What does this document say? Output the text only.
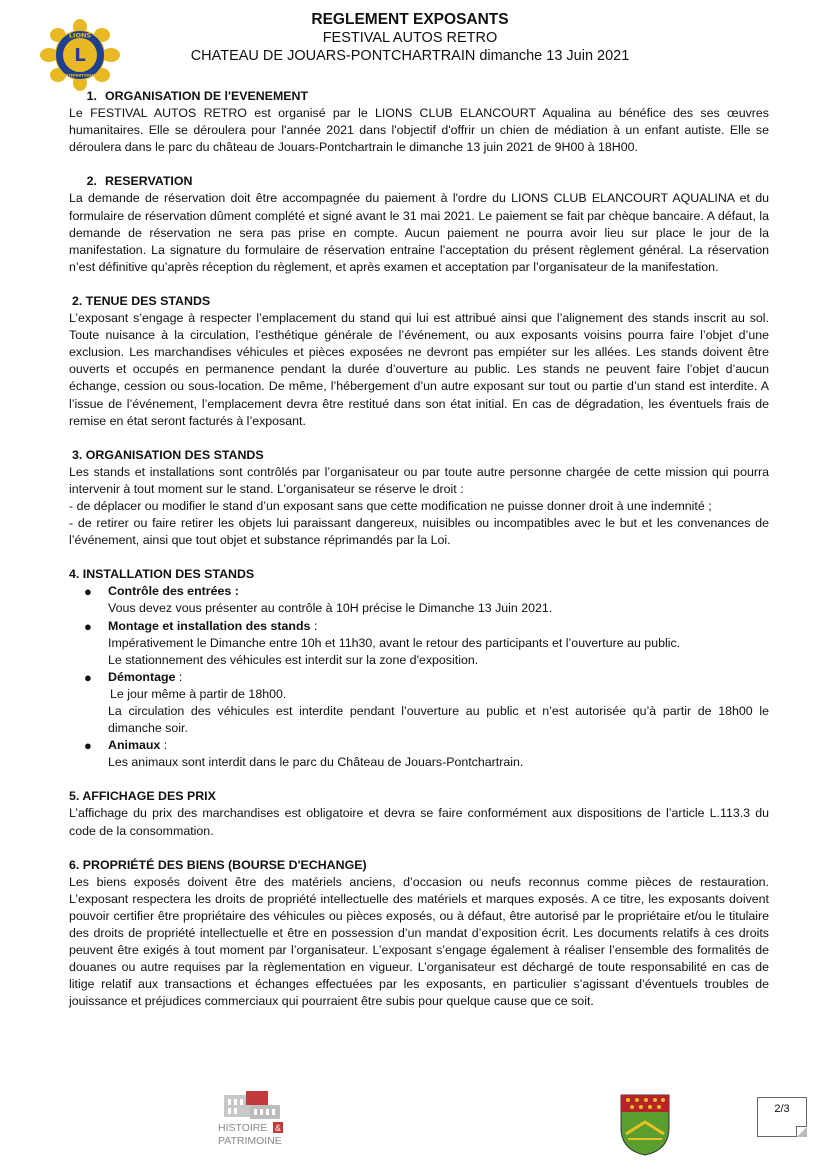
L
LIONS
INTERNATIONAL
REGLEMENT EXPOSANTS
FESTIVAL AUTOS RETRO
CHATEAU DE JOUARS-PONTCHARTRAIN dimanche 13 Juin 2021
1. ORGANISATION DE l'EVENEMENT

Le FESTIVAL AUTOS RETRO est organisé par le LIONS CLUB ELANCOURT Aqualina au bénéfice des ses œuvres humanitaires. Elle se déroulera pour l'année 2021 dans l'objectif d'offrir un chien de médiation à un enfant autiste. Elle se déroulera dans le parc du château de Jouars-Pontchartrain le dimanche 13 juin 2021 de 9H00 à 18H00.

2. RESERVATION

La demande de réservation doit être accompagnée du paiement à l'ordre du LIONS CLUB ELANCOURT AQUALINA et du formulaire de réservation dûment complété et signé avant le 31 mai 2021. Le paiement se fait par chèque bancaire. A défaut, la demande de réservation ne sera pas prise en compte. Aucun paiement ne pourra avoir lieu sur place le jour de la manifestation. La signature du formulaire de réservation entraine l’acceptation du présent règlement général. La réservation n’est définitive qu’après réception du règlement, et après examen et acceptation par l’organisateur de la manifestation.

2. TENUE DES STANDS

L’exposant s’engage à respecter l’emplacement du stand qui lui est attribué ainsi que l’alignement des stands inscrit au sol. Toute nuisance à la circulation, l’esthétique générale de l’événement, ou aux exposants voisins pourra faire l’objet d’une exclusion. Les marchandises véhicules et pièces exposées ne devront pas empiéter sur les allées. Les stands doivent être ouverts et occupés en permanence pendant la durée d’ouverture au public. Les stands ne peuvent faire l’objet d’aucun échange, cession ou sous-location. De même, l’hébergement d’un autre exposant sur tout ou partie d’un stand est interdite. A l’issue de l’événement, l’emplacement devra être restitué dans son état initial. En cas de dégradation, les éventuels frais de remise en état seront facturés à l’exposant.

3. ORGANISATION DES STANDS

Les stands et installations sont contrôlés par l’organisateur ou par toute autre personne chargée de cette mission qui pourra intervenir à tout moment sur le stand. L’organisateur se réserve le droit :

- de déplacer ou modifier le stand d’un exposant sans que cette modification ne puisse donner droit à une indemnité ;

- de retirer ou faire retirer les objets lui paraissant dangereux, nuisibles ou incompatibles avec le but et les convenances de l’événement, ainsi que tout objet et substance réprimandés par la Loi.

4. INSTALLATION DES STANDS
● Contrôle des entrées :
Vous devez vous présenter au contrôle à 10H précise le Dimanche 13 Juin 2021.
● Montage et installation des stands :
Impérativement le Dimanche entre 10h et 11h30, avant le retour des participants et l’ouverture au public.
Le stationnement des véhicules est interdit sur la zone d'exposition.
● Démontage :
Le jour même à partir de 18h00.
La circulation des véhicules est interdite pendant l’ouverture au public et n’est autorisée qu’à partir de 18h00 le dimanche soir.
● Animaux :
Les animaux sont interdit dans le parc du Château de Jouars-Pontchartrain.
5. AFFICHAGE DES PRIX

L’affichage du prix des marchandises est obligatoire et devra se faire conformément aux dispositions de l’article L.113.3 du code de la consommation.

6. PROPRIÉTÉ DES BIENS (BOURSE D'ECHANGE)

Les biens exposés doivent être des matériels anciens, d’occasion ou neufs reconnus comme pièces de restauration. L’exposant respectera les droits de propriété intellectuelle des matériels et marques exposés. A ce titre, les exposants doivent pouvoir certifier être propriétaire des véhicules ou pièces exposés, ou à défaut, être autorisé par le propriétaire et/ou le titulaire des droits de propriété intellectuelle et être en possession d’un mandat d’exposition écrit. Les documents relatifs à ces droits peuvent être exigés à tout moment par l’organisateur. L’exposant s’engage également à réaliser l’ensemble des formalités de douanes ou autre requises par la règlementation en vigueur. L’organisateur est déchargé de toute responsabilité en cas de litige relatif aux transactions et échanges effectuées par les exposants, en particulier s’agissant d’éventuels troubles de jouissance et préjudices commerciaux qui pourraient être subis pour quelque cause que ce soit.

HISTOIRE &
PATRIMOINE
2/3
